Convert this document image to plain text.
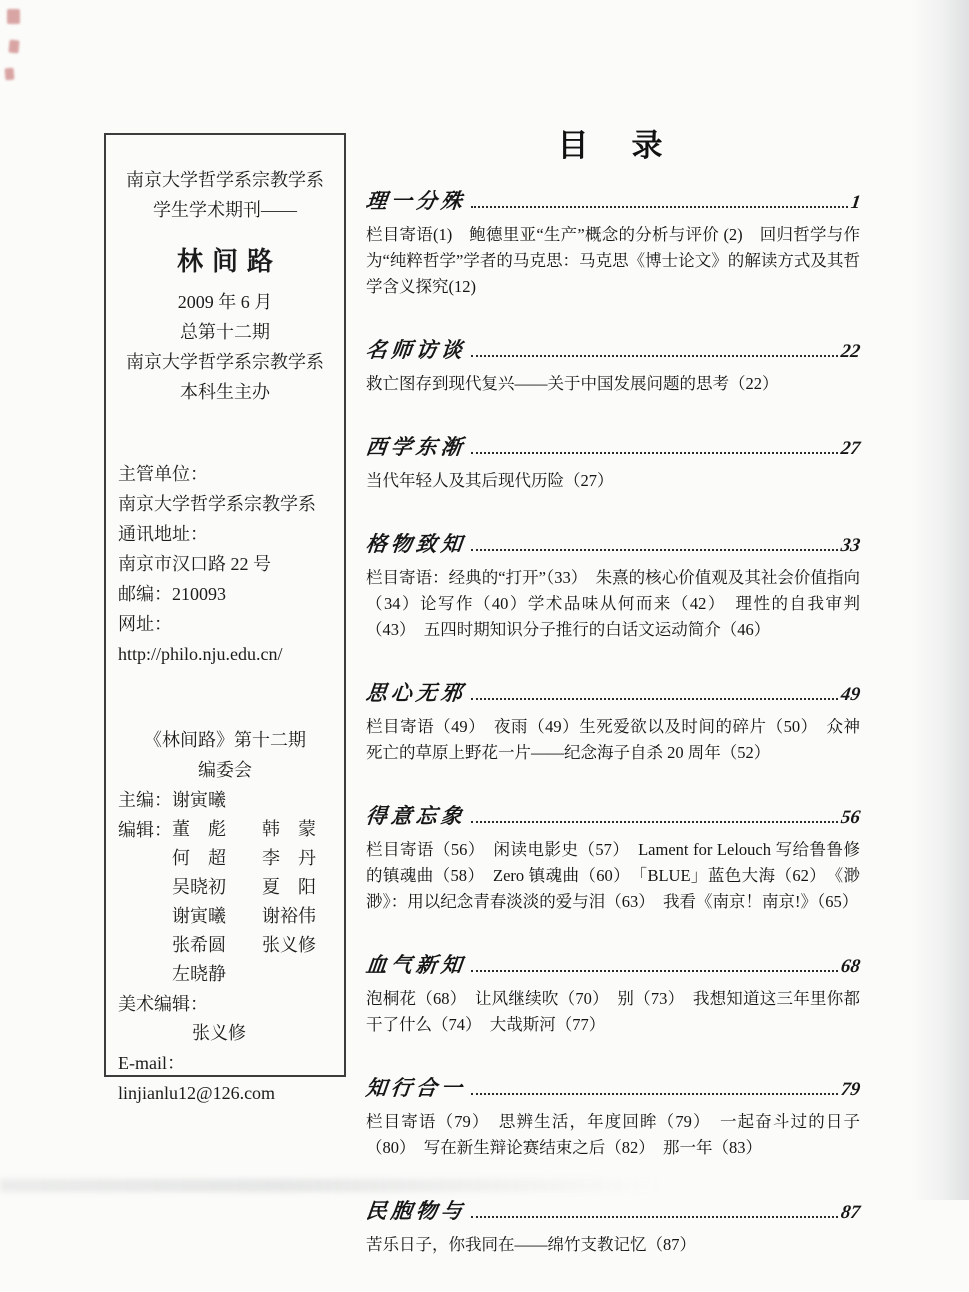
南京大学哲学系宗教学系
学生学术期刊——
林间路
2009 年 6 月
总第十二期
南京大学哲学系宗教学系
本科生主办
主管单位：
南京大学哲学系宗教学系
通讯地址：
南京市汉口路 22 号
邮编：210093
网址：
http://philo.nju.edu.cn/
《林间路》第十二期
编委会
主编： 谢寅曦
编辑： 董　彪　　韩　蒙
何　超　　李　丹
吴晓初　　夏　阳
谢寅曦　　谢裕伟
张希圆　　张义修
左晓静
美术编辑：
张义修
E-mail：
linjianlu12@126.com
目　录
理一分殊	1

栏目寄语(1)　鲍德里亚“生产”概念的分析与评价 (2)　回归哲学与作为“纯粹哲学”学者的马克思：马克思《博士论文》的解读方式及其哲学含义探究(12)

名师访谈	22

救亡图存到现代复兴——关于中国发展问题的思考（22）

西学东渐	27

当代年轻人及其后现代历险（27）

格物致知	33

栏目寄语：经典的“打开”（33）　朱熹的核心价值观及其社会价值指向（34）论写作（40）学术品味从何而来（42）　理性的自我审判 （43）　五四时期知识分子推行的白话文运动简介（46）

思心无邪	49

栏目寄语（49）　夜雨（49）生死爱欲以及时间的碎片（50）　众神死亡的草原上野花一片——纪念海子自杀 20 周年（52）

得意忘象	56

栏目寄语（56）　闲读电影史（57）　Lament for Lelouch 写给鲁鲁修的镇魂曲（58）　Zero 镇魂曲（60）　「BLUE」蓝色大海（62）　《渺渺》：用以纪念青春淡淡的爱与泪（63）　我看《南京！南京!》（65）

血气新知	68

泡桐花（68）　让风继续吹（70）　别（73）　我想知道这三年里你都干了什么（74）　大哉斯河（77）

知行合一	79

栏目寄语（79）　思辨生活，年度回眸（79）　一起奋斗过的日子（80）　写在新生辩论赛结束之后（82）　那一年（83）

民胞物与	87

苦乐日子，你我同在——绵竹支教记忆（87）
